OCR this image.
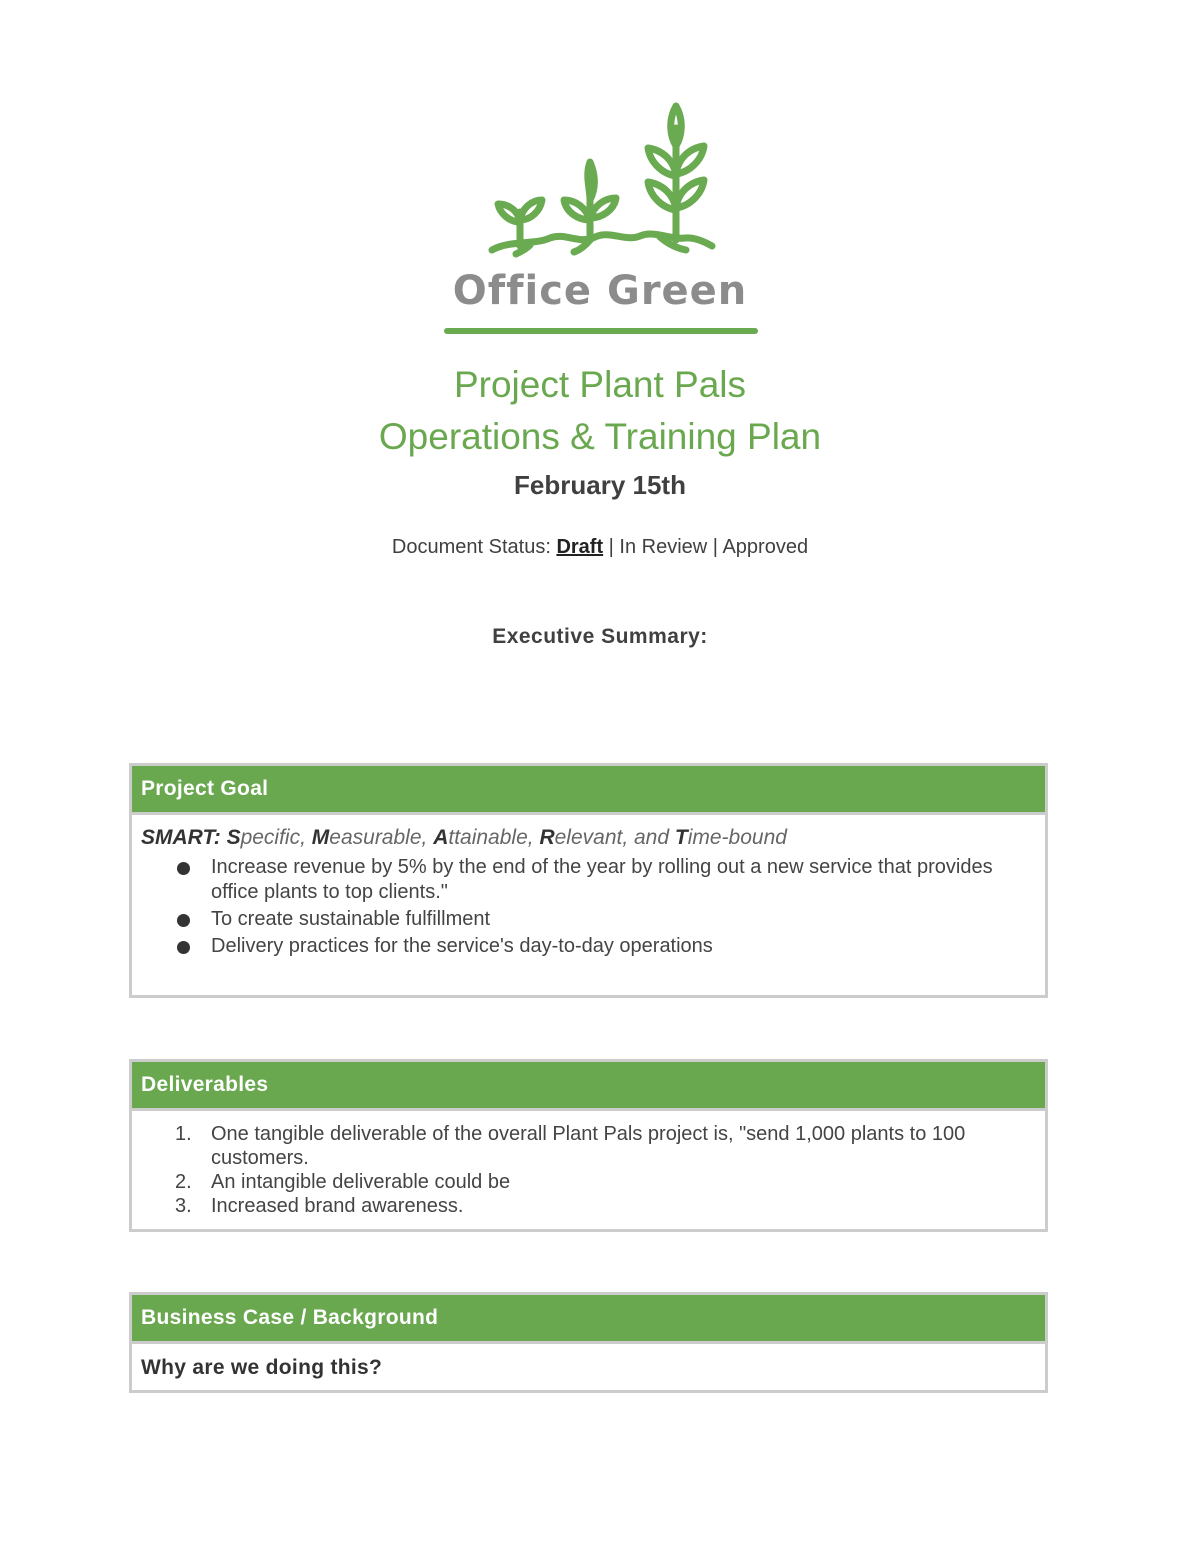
Office Green
Project Plant Pals
Operations & Training Plan
February 15th
Document Status: Draft | In Review | Approved
Executive Summary:
Project Goal
SMART: Specific, Measurable, Attainable, Relevant, and Time-bound
Increase revenue by 5% by the end of the year by rolling out a new service that provides office plants to top clients."
To create sustainable fulfillment
Delivery practices for the service's day-to-day operations
Deliverables
1. One tangible deliverable of the overall Plant Pals project is, "send 1,000 plants to 100 customers.
2. An intangible deliverable could be
3. Increased brand awareness.
Business Case / Background
Why are we doing this?
